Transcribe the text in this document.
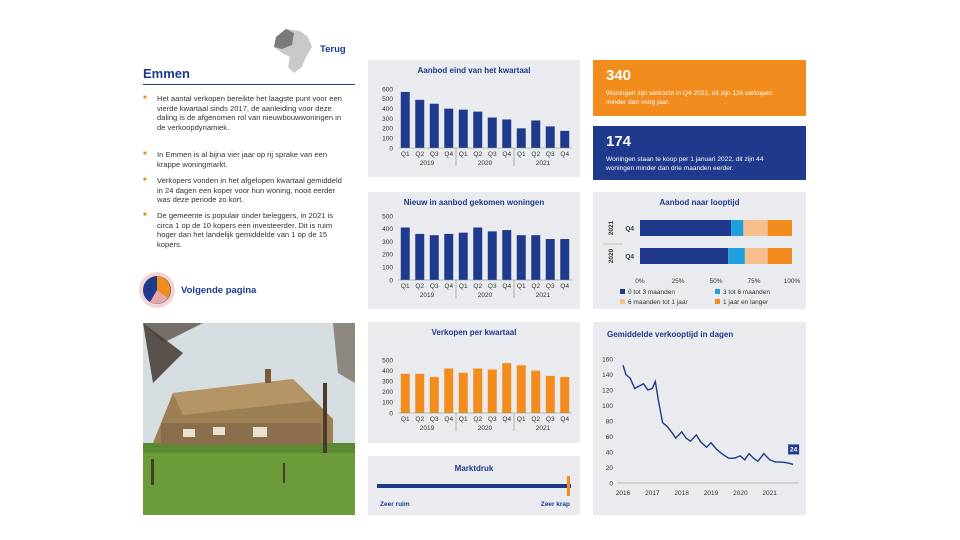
Terug
Emmen
■ Het aantal verkopen bereikte het laagste punt voor een vierde kwartaal sinds 2017, de aanleiding voor deze daling is de afgenomen rol van nieuwbouwwoningen in de verkoopdynamiek.
■ In Emmen is al bijna vier jaar op rij sprake van een krappe woningmarkt.
■ Verkopers vonden in het afgelopen kwartaal gemiddeld in 24 dagen een koper voor hun woning, nooit eerder was deze periode zo kort.
■ De gemeente is populair onder beleggers, in 2021 is circa 1 op de 10 kopers een investeerder. Dit is ruim hoger dan het landelijk gemiddelde van 1 op de 15 kopers.
Volgende pagina
Aanbod eind van het kwartaal
0
100
200
300
400
500
600
Q1 Q2 Q3 Q4 Q1 Q2 Q3 Q4 Q1 Q2 Q3 Q4
2019	2020	2021
Nieuw in aanbod gekomen woningen
0
100
200
300
400
500
Q1 Q2 Q3 Q4 Q1 Q2 Q3 Q4 Q1 Q2 Q3 Q4
2019	2020	2021
Verkopen per kwartaal
0
100
200
300
400
500
Q1 Q2 Q3 Q4 Q1 Q2 Q3 Q4 Q1 Q2 Q3 Q4
2019	2020	2021
Marktdruk
Zeer ruim	Zeer krap
340
Woningen zijn verkocht in Q4 2021, dit zijn 126 verkopen minder dan vorig jaar.
174
Woningen staan te koop per 1 januari 2022, dit zijn 44 woningen minder dan drie maanden eerder.
Aanbod naar looptijd
Q4
2021
Q4
2020
0%	25%	50%	75%	100%
0 tot 3 maanden	3 tot 6 maanden
6 maanden tot 1 jaar	1 jaar en langer
Gemiddelde verkooptijd in dagen
0
20
40
60
80
100
120
140
160
2016 2017 2018 2019 2020 2021
24
